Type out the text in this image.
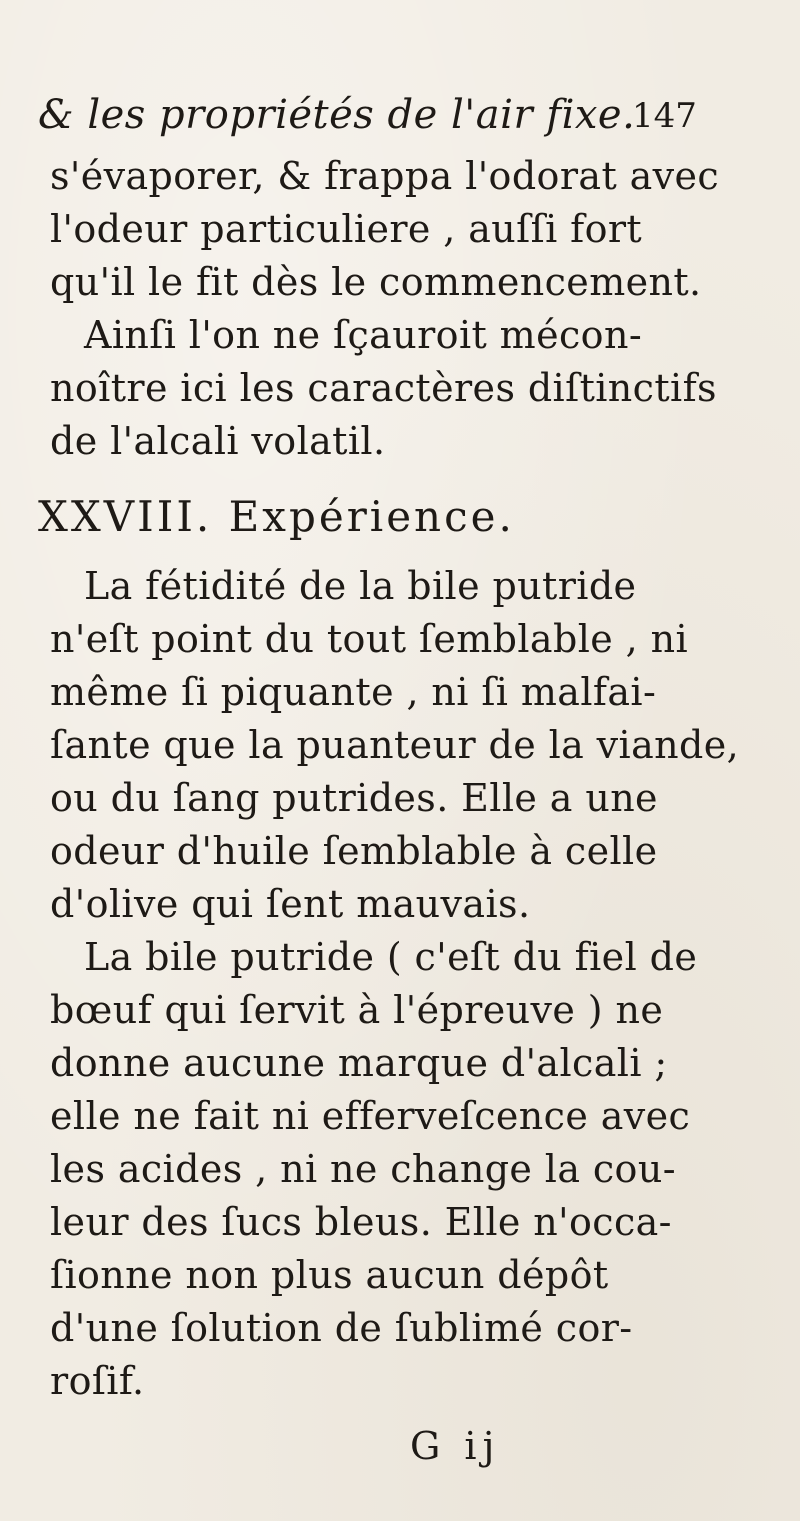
& les propriétés de l'air fixe.
147
s'évaporer, & frappa l'odorat avec
l'odeur particuliere , auſſi fort
qu'il le fit dès le commencement.
Ainſi l'on ne ſçauroit mécon-
noître ici les caractères diſtinctifs
de l'alcali volatil.
XXVIII. Expérience.
La fétidité de la bile putride
n'eſt point du tout ſemblable , ni
même ſi piquante , ni ſi malfai-
ſante que la puanteur de la viande,
ou du ſang putrides. Elle a une
odeur d'huile ſemblable à celle
d'olive qui ſent mauvais.
La bile putride ( c'eſt du fiel de
bœuf qui ſervit à l'épreuve ) ne
donne aucune marque d'alcali ;
elle ne fait ni efferveſcence avec
les acides , ni ne change la cou-
leur des ſucs bleus. Elle n'occa-
ſionne non plus aucun dépôt
d'une ſolution de ſublimé cor-
roſif.
G ij
